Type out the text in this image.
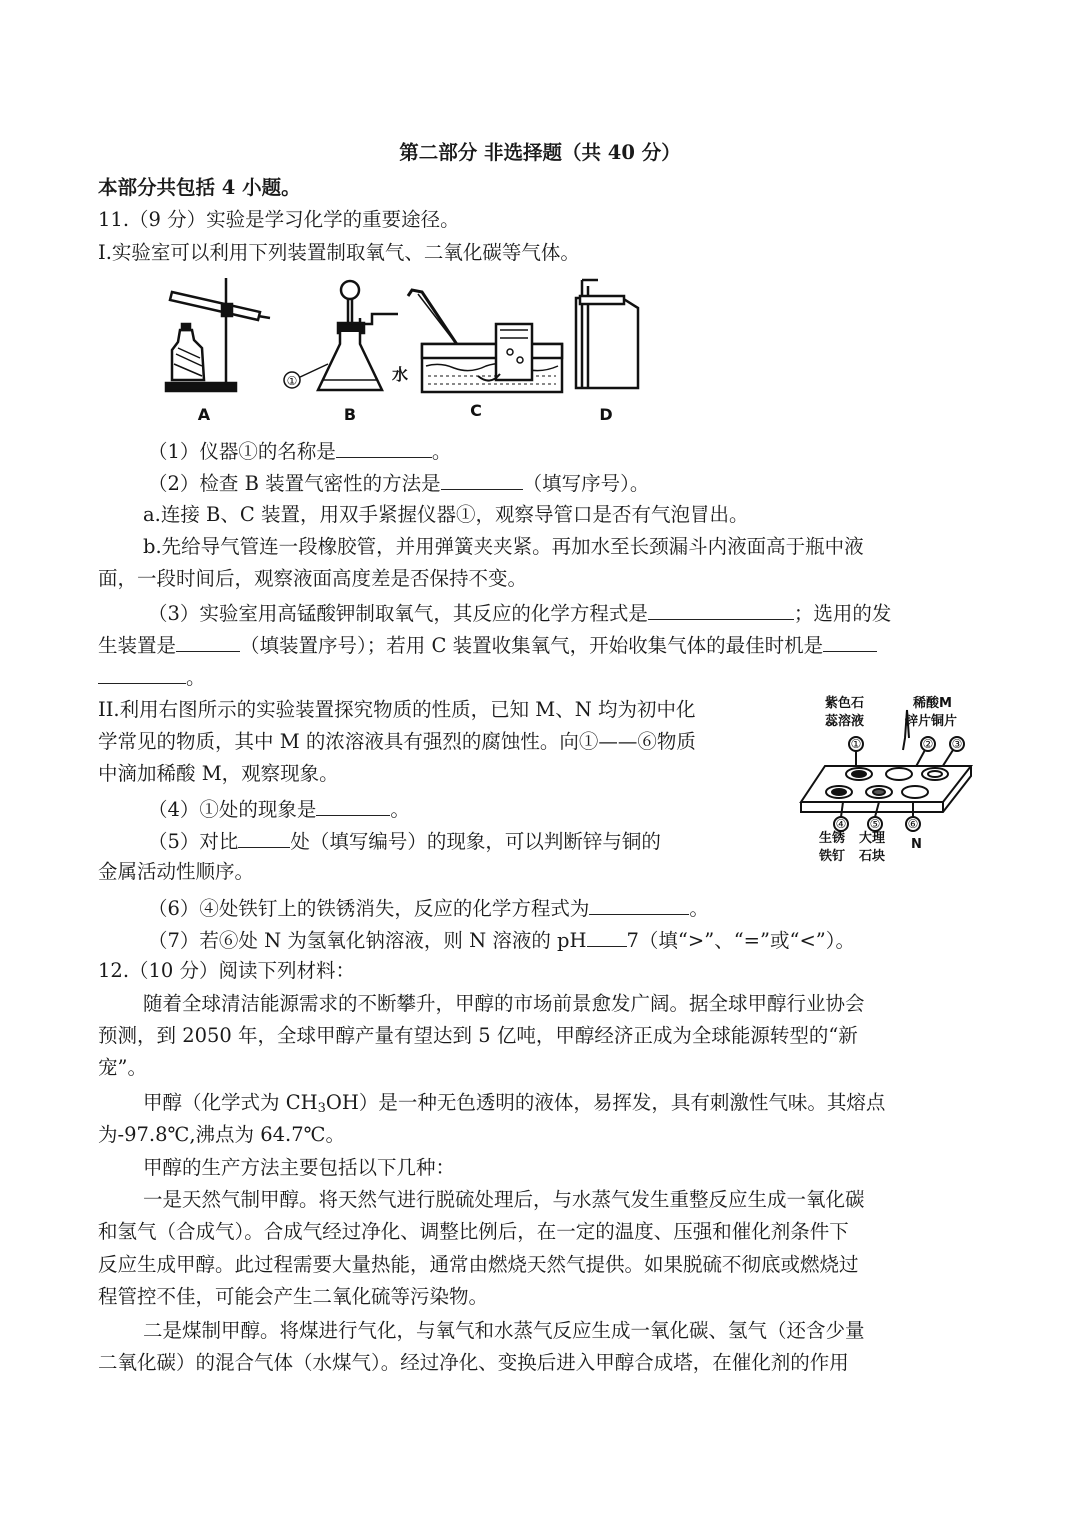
第二部分 非选择题（共 40 分）
本部分共包括 4 小题。
11.（9 分）实验是学习化学的重要途径。
I.实验室可以利用下列装置制取氧气、二氧化碳等气体。
A	B	C	D
水
①
（1）仪器①的名称是	。
（2）检查 B 装置气密性的方法是	（填写序号）。
a.连接 B、C 装置，用双手紧握仪器①，观察导管口是否有气泡冒出。
b.先给导气管连一段橡胶管，并用弹簧夹夹紧。再加水至长颈漏斗内液面高于瓶中液
面，一段时间后，观察液面高度差是否保持不变。
（3）实验室用高锰酸钾制取氧气，其反应的化学方程式是	；选用的发
生装置是	（填装置序号）；若用 C 装置收集氧气，开始收集气体的最佳时机是
。
II.利用右图所示的实验装置探究物质的性质，已知 M、N 均为初中化
学常见的物质，其中 M 的浓溶液具有强烈的腐蚀性。向①——⑥物质
中滴加稀酸 M，观察现象。
（4）①处的现象是	。
（5）对比	处（填写编号）的现象，可以判断锌与铜的
金属活动性顺序。
（6）④处铁钉上的铁锈消失，反应的化学方程式为	。
（7）若⑥处 N 为氢氧化钠溶液，则 N 溶液的 pH 7（填“>”、“=”或“<”）。
紫色石
蕊溶液
稀酸M
锌片铜片
生锈
铁钉
大理
石块
N
①	② ③
④ ⑤ ⑥
12.（10 分）阅读下列材料：
随着全球清洁能源需求的不断攀升，甲醇的市场前景愈发广阔。据全球甲醇行业协会
预测，到 2050 年，全球甲醇产量有望达到 5 亿吨，甲醇经济正成为全球能源转型的“新
宠”。
甲醇（化学式为 $CH_3OH$）是一种无色透明的液体，易挥发，具有刺激性气味。其熔点
为-97.8℃,沸点为 64.7℃。
甲醇的生产方法主要包括以下几种：
一是天然气制甲醇。将天然气进行脱硫处理后，与水蒸气发生重整反应生成一氧化碳
和氢气（合成气）。合成气经过净化、调整比例后，在一定的温度、压强和催化剂条件下
反应生成甲醇。此过程需要大量热能，通常由燃烧天然气提供。如果脱硫不彻底或燃烧过
程管控不佳，可能会产生二氧化硫等污染物。
二是煤制甲醇。将煤进行气化，与氧气和水蒸气反应生成一氧化碳、氢气（还含少量
二氧化碳）的混合气体（水煤气）。经过净化、变换后进入甲醇合成塔，在催化剂的作用
